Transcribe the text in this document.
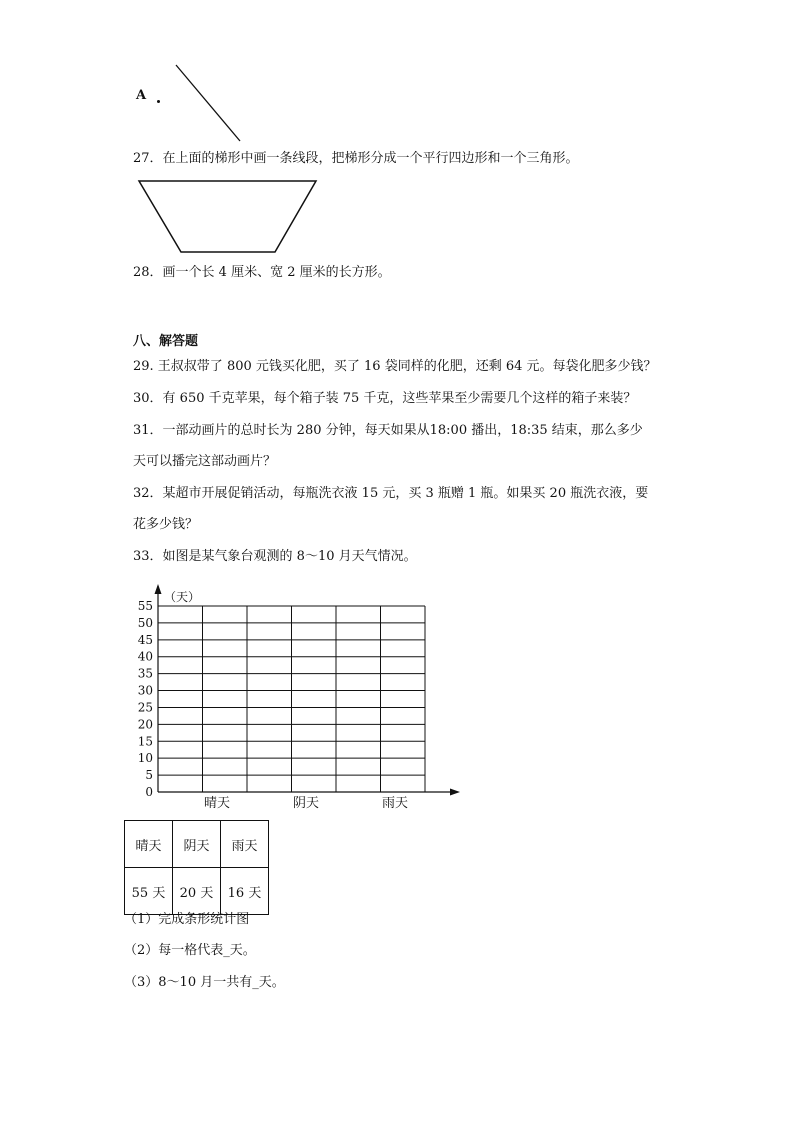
A
27．在上面的梯形中画一条线段，把梯形分成一个平行四边形和一个三角形。
28．画一个长 4 厘米、宽 2 厘米的长方形。
八、解答题
29. 王叔叔带了 800 元钱买化肥，买了 16 袋同样的化肥，还剩 64 元。每袋化肥多少钱？
30．有 650 千克苹果，每个箱子装 75 千克，这些苹果至少需要几个这样的箱子来装？
31．一部动画片的总时长为 280 分钟，每天如果从18:00 播出，18:35 结束，那么多少
天可以播完这部动画片？
32．某超市开展促销活动，每瓶洗衣液 15 元，买 3 瓶赠 1 瓶。如果买 20 瓶洗衣液，要
花多少钱？
33．如图是某气象台观测的 8～10 月天气情况。
（天）
55
50
45
40
35
30
25
20
15
10
5
0
晴天	阴天	雨天
晴天	阴天	雨天
55 天	20 天	16 天
（1）完成条形统计图
（2）每一格代表_天。
（3）8～10 月一共有_天。
